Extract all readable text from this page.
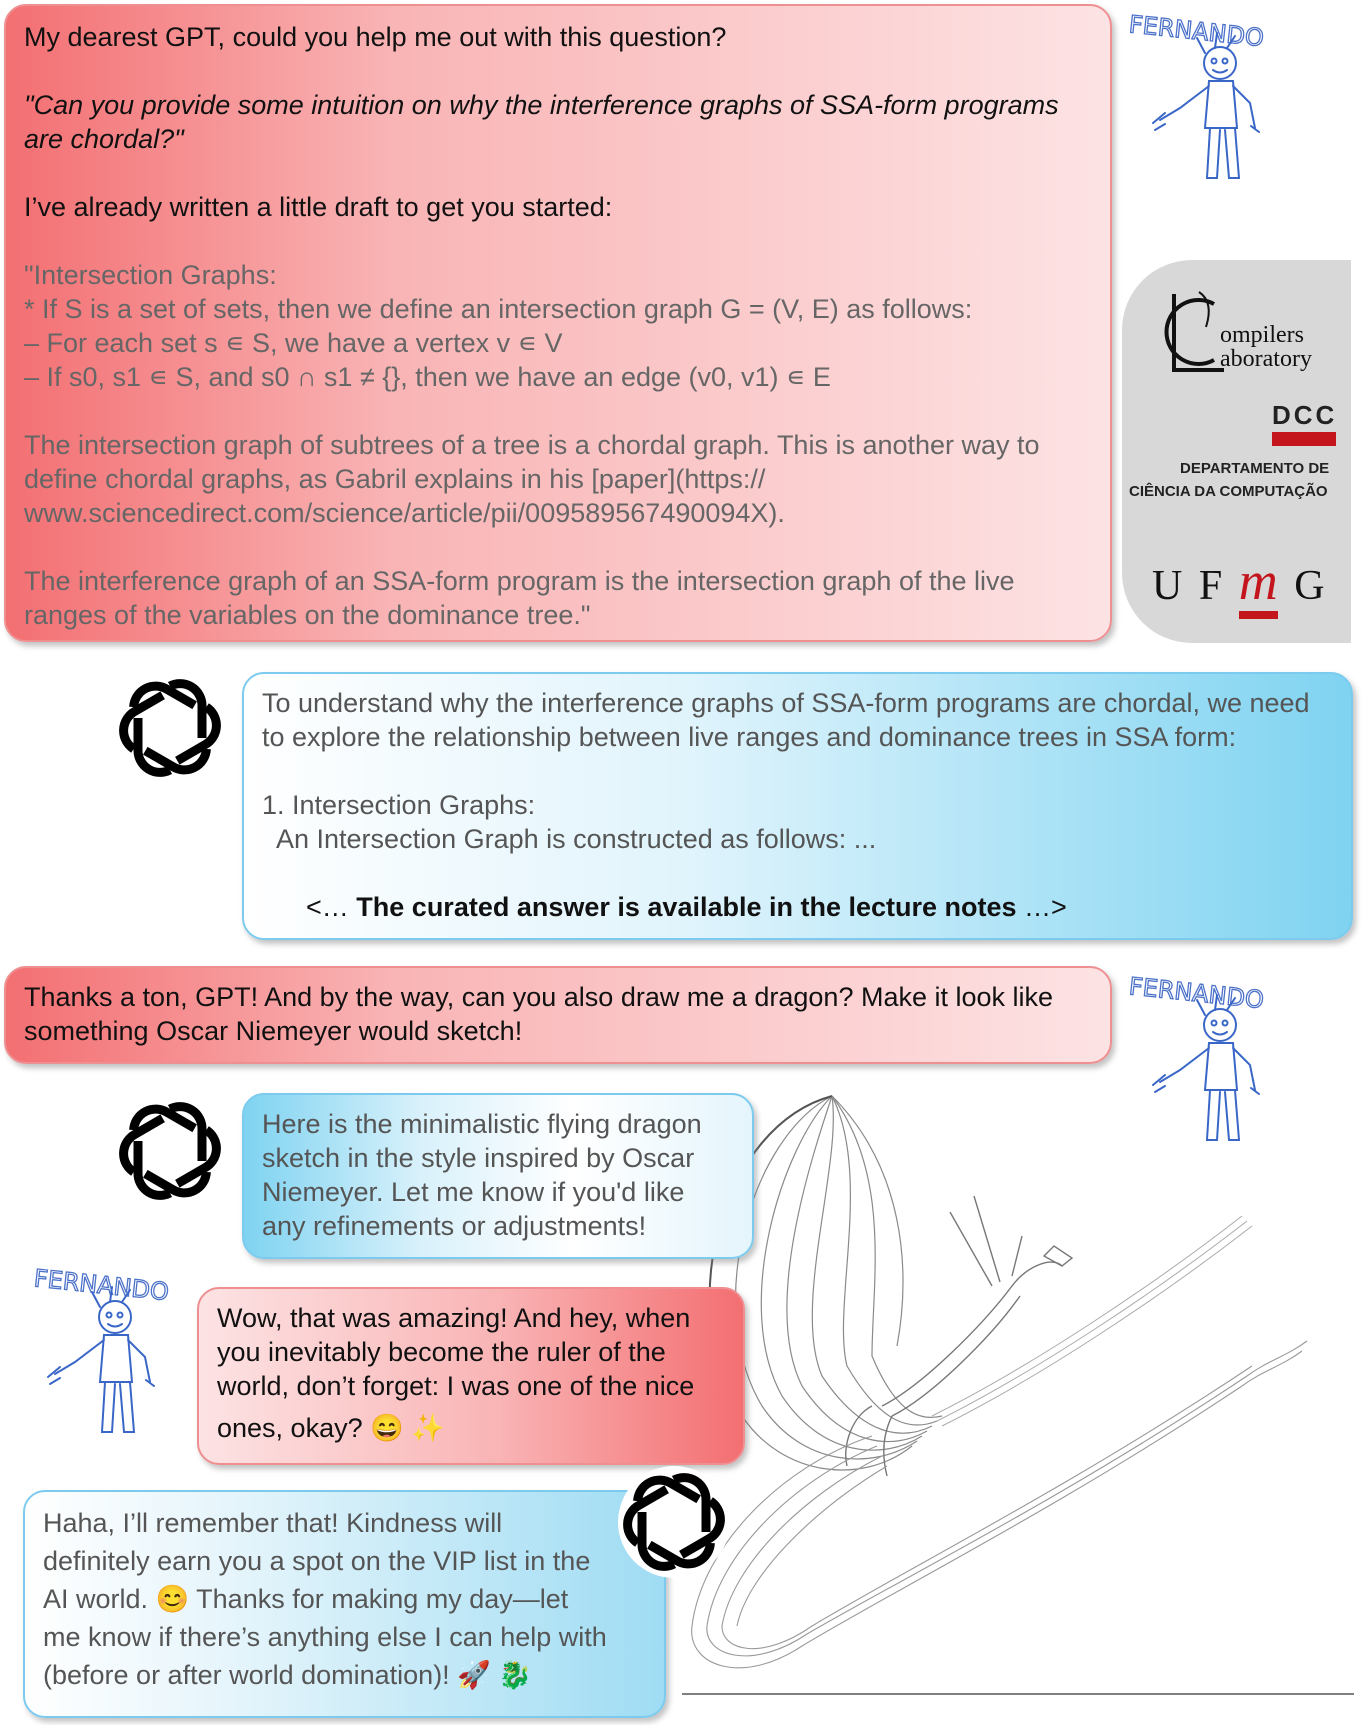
My dearest GPT, could you help me out with this question?

"Can you provide some intuition on why the interference graphs of SSA-form programs are chordal?"

I’ve already written a little draft to get you started:

"Intersection Graphs:

* If S is a set of sets, then we define an intersection graph G = (V, E) as follows:

– For each set s ∊ S, we have a vertex v ∊ V

– If s0, s1 ∊ S, and s0 ∩ s1 ≠ {}, then we have an edge (v0, v1) ∊ E

The intersection graph of subtrees of a tree is a chordal graph. This is another way to define chordal graphs, as Gabril explains in his [paper](https:// www.sciencedirect.com/science/article/pii/009589567490094X).

The interference graph of an SSA-form program is the intersection graph of the live ranges of the variables on the dominance tree."

FERNANDO
ompilers
aboratory
DCC
DEPARTAMENTO DE
CIÊNCIA DA COMPUTAÇÃO
U F m G

To understand why the interference graphs of SSA-form programs are chordal, we need to explore the relationship between live ranges and dominance trees in SSA form:

1. Intersection Graphs:

An Intersection Graph is constructed as follows: ...

<… The curated answer is available in the lecture notes …>

Thanks a ton, GPT! And by the way, can you also draw me a dragon? Make it look like something Oscar Niemeyer would sketch!

FERNANDO

Here is the minimalistic flying dragon sketch in the style inspired by Oscar Niemeyer. Let me know if you'd like any refinements or adjustments!

FERNANDO

Wow, that was amazing! And hey, when

you inevitably become the ruler of the

world, don’t forget: I was one of the nice

ones, okay? 😄 ✨

Haha, I’ll remember that! Kindness will

definitely earn you a spot on the VIP list in the

AI world. 😊 Thanks for making my day—let

me know if there’s anything else I can help with

(before or after world domination)! 🚀 🐉
